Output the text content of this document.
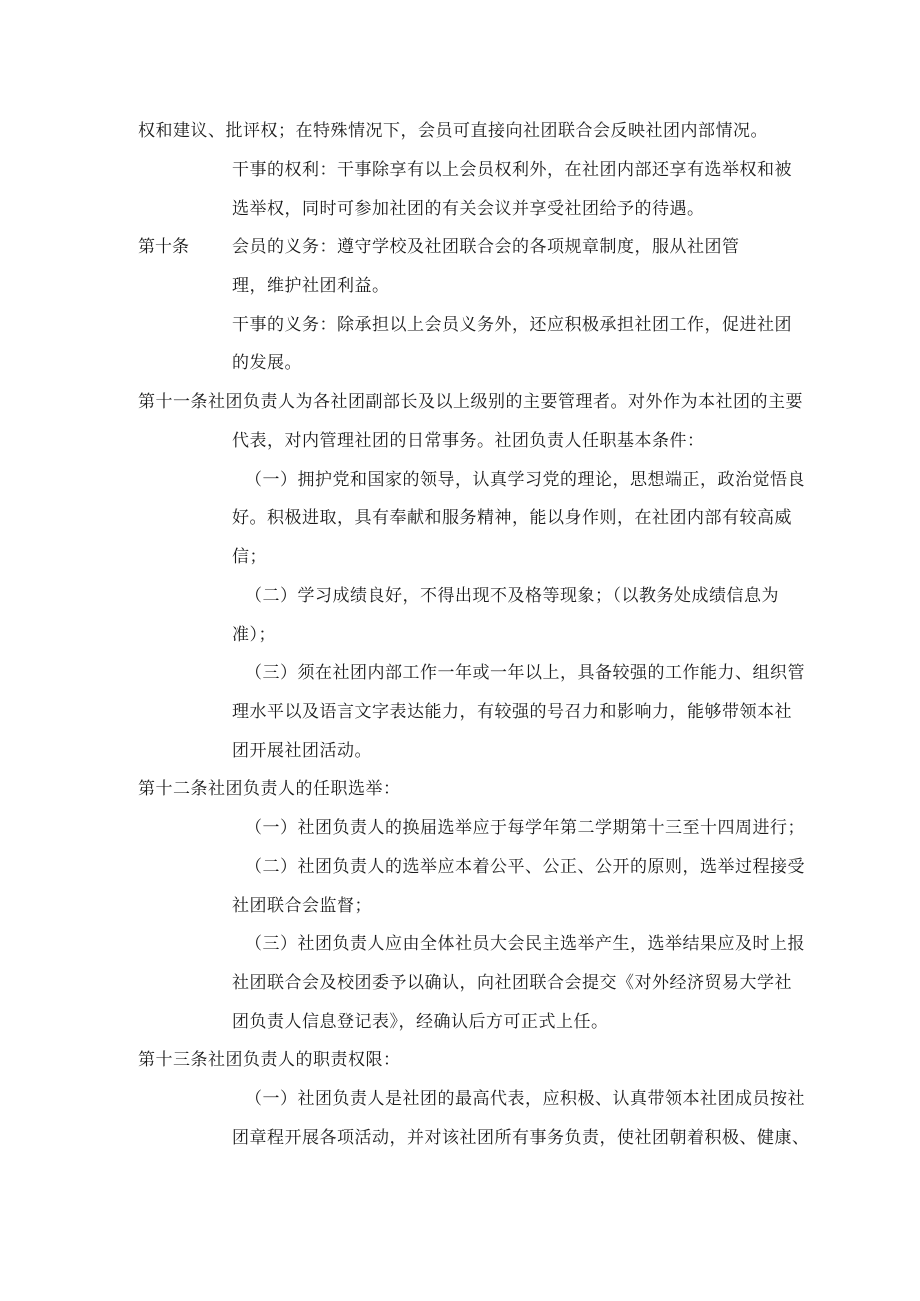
权和建议、批评权；在特殊情况下，会员可直接向社团联合会反映社团内部情况。
干事的权利：干事除享有以上会员权利外，在社团内部还享有选举权和被
选举权，同时可参加社团的有关会议并享受社团给予的待遇。
第十条	会员的义务：遵守学校及社团联合会的各项规章制度，服从社团管
理，维护社团利益。
干事的义务：除承担以上会员义务外，还应积极承担社团工作，促进社团
的发展。
第十一条社团负责人为各社团副部长及以上级别的主要管理者。对外作为本社团的主要
代表，对内管理社团的日常事务。社团负责人任职基本条件：
（一）拥护党和国家的领导，认真学习党的理论，思想端正，政治觉悟良
好。积极进取，具有奉献和服务精神，能以身作则，在社团内部有较高威
信；
（二）学习成绩良好，不得出现不及格等现象；（以教务处成绩信息为
准）；
（三）须在社团内部工作一年或一年以上，具备较强的工作能力、组织管
理水平以及语言文字表达能力，有较强的号召力和影响力，能够带领本社
团开展社团活动。
第十二条社团负责人的任职选举：
（一）社团负责人的换届选举应于每学年第二学期第十三至十四周进行；
（二）社团负责人的选举应本着公平、公正、公开的原则，选举过程接受
社团联合会监督；
（三）社团负责人应由全体社员大会民主选举产生，选举结果应及时上报
社团联合会及校团委予以确认，向社团联合会提交《对外经济贸易大学社
团负责人信息登记表》，经确认后方可正式上任。
第十三条社团负责人的职责权限：
（一）社团负责人是社团的最高代表，应积极、认真带领本社团成员按社
团章程开展各项活动，并对该社团所有事务负责，使社团朝着积极、健康、
